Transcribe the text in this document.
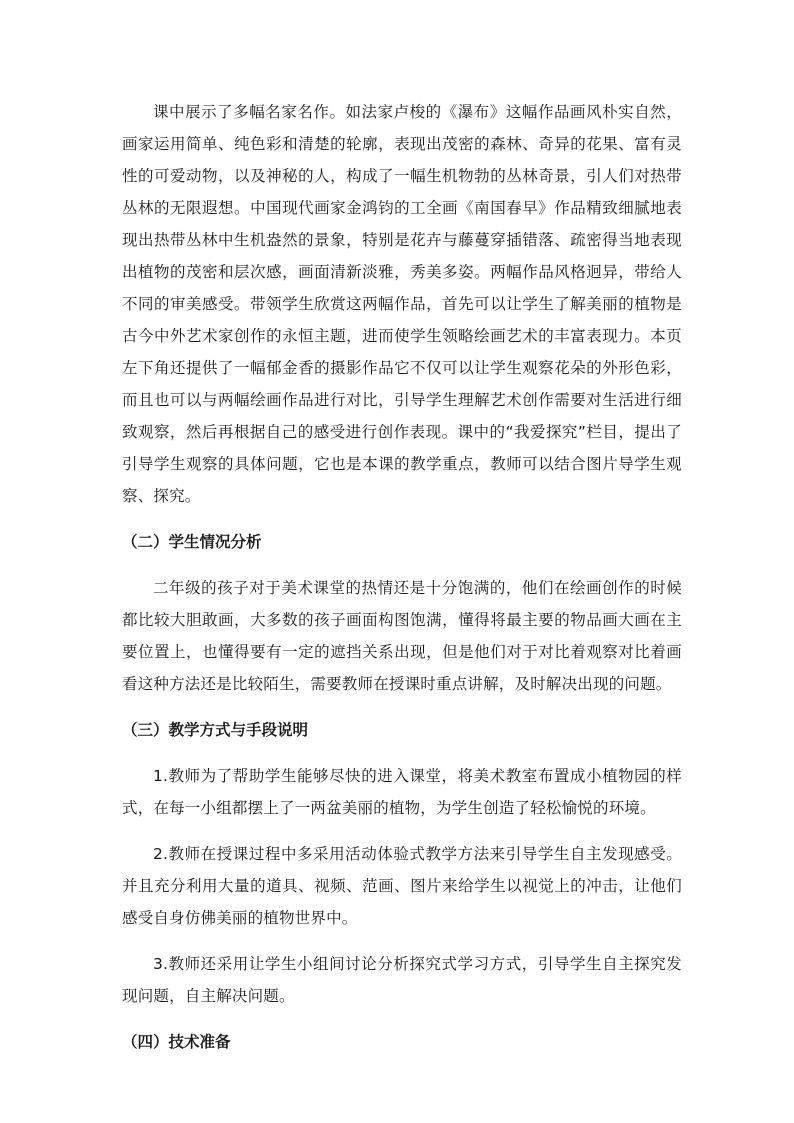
课中展示了多幅名家名作。如法家卢梭的《瀑布》这幅作品画风朴实自然，画家运用简单、纯色彩和清楚的轮廓，表现出茂密的森林、奇异的花果、富有灵性的可爱动物，以及神秘的人，构成了一幅生机物勃的丛林奇景，引人们对热带丛林的无限遐想。中国现代画家金鸿钧的工全画《南国春早》作品精致细腻地表现出热带丛林中生机盎然的景象，特别是花卉与藤蔓穿插错落、疏密得当地表现出植物的茂密和层次感，画面清新淡雅，秀美多姿。两幅作品风格迥异，带给人不同的审美感受。带领学生欣赏这两幅作品，首先可以让学生了解美丽的植物是古今中外艺术家创作的永恒主题，进而使学生领略绘画艺术的丰富表现力。本页左下角还提供了一幅郁金香的摄影作品它不仅可以让学生观察花朵的外形色彩，而且也可以与两幅绘画作品进行对比，引导学生理解艺术创作需要对生活进行细致观察，然后再根据自己的感受进行创作表现。课中的“我爱探究”栏目，提出了引导学生观察的具体问题，它也是本课的教学重点，教师可以结合图片导学生观察、探究。

（二）学生情况分析

二年级的孩子对于美术课堂的热情还是十分饱满的，他们在绘画创作的时候都比较大胆敢画，大多数的孩子画面构图饱满，懂得将最主要的物品画大画在主要位置上，也懂得要有一定的遮挡关系出现，但是他们对于对比着观察对比着画看这种方法还是比较陌生，需要教师在授课时重点讲解，及时解决出现的问题。

（三）教学方式与手段说明

1.教师为了帮助学生能够尽快的进入课堂，将美术教室布置成小植物园的样式，在每一小组都摆上了一两盆美丽的植物，为学生创造了轻松愉悦的环境。

2.教师在授课过程中多采用活动体验式教学方法来引导学生自主发现感受。并且充分利用大量的道具、视频、范画、图片来给学生以视觉上的冲击，让他们感受自身仿佛美丽的植物世界中。

3.教师还采用让学生小组间讨论分析探究式学习方式，引导学生自主探究发现问题，自主解决问题。

（四）技术准备
